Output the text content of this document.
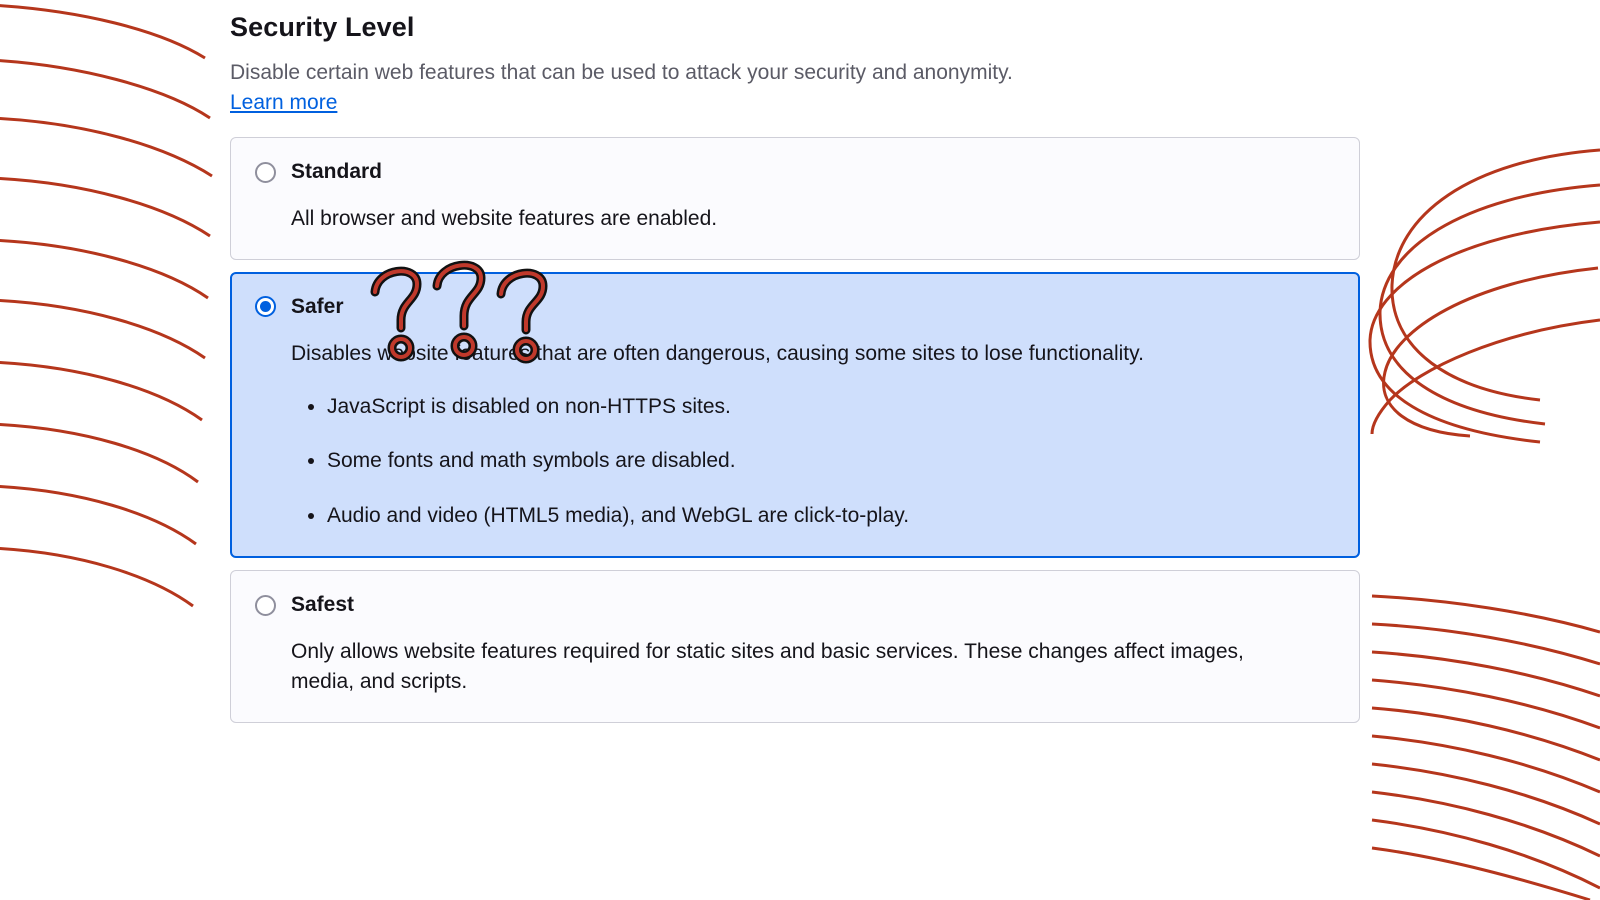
Security Level

Disable certain web features that can be used to attack your security and anonymity.

Learn more
Standard
All browser and website features are enabled.
Safer
Disables website features that are often dangerous, causing some sites to lose functionality.
• JavaScript is disabled on non-HTTPS sites.
• Some fonts and math symbols are disabled.
• Audio and video (HTML5 media), and WebGL are click-to-play.
Safest
Only allows website features required for static sites and basic services. These changes affect images, media, and scripts.
